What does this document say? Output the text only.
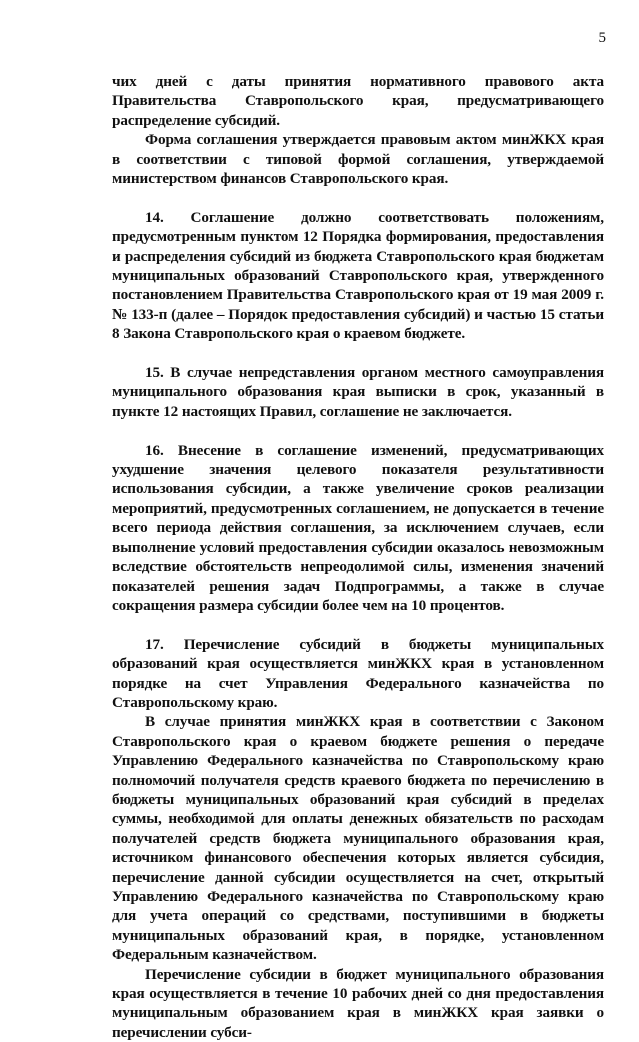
5

чих дней с даты принятия нормативного правового акта Правительства Ставропольского края, предусматривающего распределение субсидий.

Форма соглашения утверждается правовым актом минЖКХ края в соответствии с типовой формой соглашения, утверждаемой министерством финансов Ставропольского края.

14. Соглашение должно соответствовать положениям, предусмотренным пунктом 12 Порядка формирования, предоставления и распределения субсидий из бюджета Ставропольского края бюджетам муниципальных образований Ставропольского края, утвержденного постановлением Правительства Ставропольского края от 19 мая 2009 г. № 133-п (далее – Порядок предоставления субсидий) и частью 15 статьи 8 Закона Ставропольского края о краевом бюджете.

15. В случае непредставления органом местного самоуправления муниципального образования края выписки в срок, указанный в пункте 12 настоящих Правил, соглашение не заключается.

16. Внесение в соглашение изменений, предусматривающих ухудшение значения целевого показателя результативности использования субсидии, а также увеличение сроков реализации мероприятий, предусмотренных соглашением, не допускается в течение всего периода действия соглашения, за исключением случаев, если выполнение условий предоставления субсидии оказалось невозможным вследствие обстоятельств непреодолимой силы, изменения значений показателей решения задач Подпрограммы, а также в случае сокращения размера субсидии более чем на 10 процентов.

17. Перечисление субсидий в бюджеты муниципальных образований края осуществляется минЖКХ края в установленном порядке на счет Управления Федерального казначейства по Ставропольскому краю.

В случае принятия минЖКХ края в соответствии с Законом Ставропольского края о краевом бюджете решения о передаче Управлению Федерального казначейства по Ставропольскому краю полномочий получателя средств краевого бюджета по перечислению в бюджеты муниципальных образований края субсидий в пределах суммы, необходимой для оплаты денежных обязательств по расходам получателей средств бюджета муниципального образования края, источником финансового обеспечения которых является субсидия, перечисление данной субсидии осуществляется на счет, открытый Управлению Федерального казначейства по Ставропольскому краю для учета операций со средствами, поступившими в бюджеты муниципальных образований края, в порядке, установленном Федеральным казначейством.

Перечисление субсидии в бюджет муниципального образования края осуществляется в течение 10 рабочих дней со дня предоставления муниципальным образованием края в минЖКХ края заявки о перечислении субси-
